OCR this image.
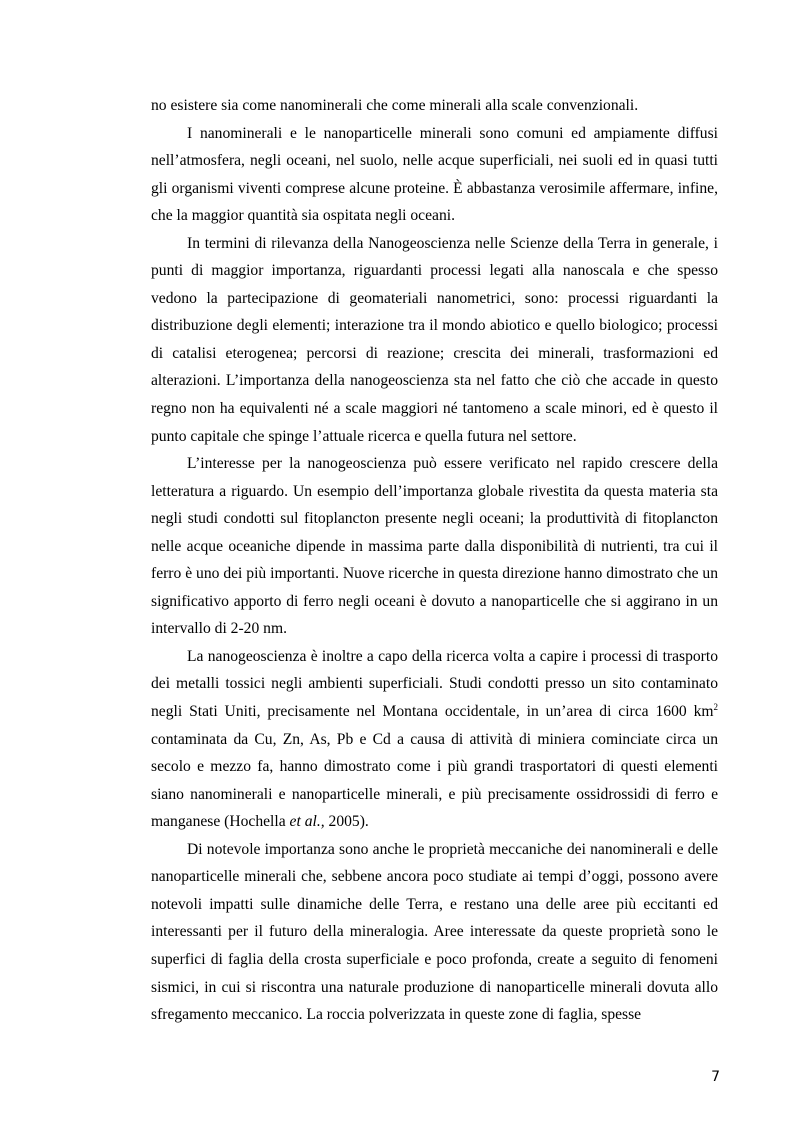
no esistere sia come nanominerali che come minerali alla scale convenzionali.

I nanominerali e le nanoparticelle minerali sono comuni ed ampiamente diffusi nell’atmosfera, negli oceani, nel suolo, nelle acque superficiali, nei suoli ed in quasi tutti gli organismi viventi comprese alcune proteine. È abbastanza verosimile affermare, infine, che la maggior quantità sia ospitata negli oceani.

In termini di rilevanza della Nanogeoscienza nelle Scienze della Terra in generale, i punti di maggior importanza, riguardanti processi legati alla nanoscala e che spesso vedono la partecipazione di geomateriali nanometrici, sono: processi riguardanti la distribuzione degli elementi; interazione tra il mondo abiotico e quello biologico; processi di catalisi eterogenea; percorsi di reazione; crescita dei minerali, trasformazioni ed alterazioni. L’importanza della nanogeoscienza sta nel fatto che ciò che accade in questo regno non ha equivalenti né a scale maggiori né tantomeno a scale minori, ed è questo il punto capitale che spinge l’attuale ricerca e quella futura nel settore.

L’interesse per la nanogeoscienza può essere verificato nel rapido crescere della letteratura a riguardo. Un esempio dell’importanza globale rivestita da questa materia sta negli studi condotti sul fitoplancton presente negli oceani; la produttività di fitoplancton nelle acque oceaniche dipende in massima parte dalla disponibilità di nutrienti, tra cui il ferro è uno dei più importanti. Nuove ricerche in questa direzione hanno dimostrato che un significativo apporto di ferro negli oceani è dovuto a nanoparticelle che si aggirano in un intervallo di 2-20 nm.

La nanogeoscienza è inoltre a capo della ricerca volta a capire i processi di trasporto dei metalli tossici negli ambienti superficiali. Studi condotti presso un sito contaminato negli Stati Uniti, precisamente nel Montana occidentale, in un’area di circa 1600 $km^2$ contaminata da Cu, Zn, As, Pb e Cd a causa di attività di miniera cominciate circa un secolo e mezzo fa, hanno dimostrato come i più grandi trasportatori di questi elementi siano nanominerali e nanoparticelle minerali, e più precisamente ossidrossidi di ferro e manganese (Hochella et al., 2005).

Di notevole importanza sono anche le proprietà meccaniche dei nanominerali e delle nanoparticelle minerali che, sebbene ancora poco studiate ai tempi d’oggi, possono avere notevoli impatti sulle dinamiche delle Terra, e restano una delle aree più eccitanti ed interessanti per il futuro della mineralogia. Aree interessate da queste proprietà sono le superfici di faglia della crosta superficiale e poco profonda, create a seguito di fenomeni sismici, in cui si riscontra una naturale produzione di nanoparticelle minerali dovuta allo sfregamento meccanico. La roccia polverizzata in queste zone di faglia, spesse

7
